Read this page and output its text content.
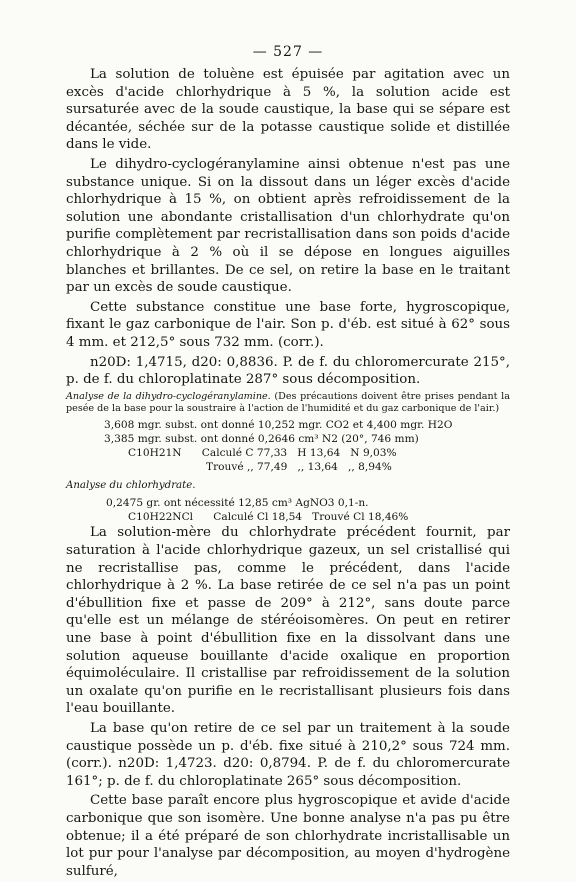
— 527 —

La solution de toluène est épuisée par agitation avec un excès d'acide chlorhydrique à 5 %, la solution acide est sursaturée avec de la soude caustique, la base qui se sépare est décantée, séchée sur de la potasse caustique solide et distillée dans le vide.

Le dihydro-cyclogéranylamine ainsi obtenue n'est pas une substance unique. Si on la dissout dans un léger excès d'acide chlorhydrique à 15 %, on obtient après refroidissement de la solution une abondante cristallisation d'un chlorhydrate qu'on purifie complètement par recristallisation dans son poids d'acide chlorhydrique à 2 % où il se dépose en longues aiguilles blanches et brillantes. De ce sel, on retire la base en le traitant par un excès de soude caustique.

Cette substance constitue une base forte, hygroscopique, fixant le gaz carbonique de l'air. Son p. d'éb. est situé à 62° sous 4 mm. et 212,5° sous 732 mm. (corr.).

n20D: 1,4715, d20: 0,8836. P. de f. du chloromercurate 215°, p. de f. du chloroplatinate 287° sous décomposition.

Analyse de la dihydro-cyclogéranylamine. (Des précautions doivent être prises pendant la pesée de la base pour la soustraire à l'action de l'humidité et du gaz carbonique de l'air.)
3,608 mgr. subst. ont donné 10,252 mgr. CO2 et 4,400 mgr. H2O
3,385 mgr. subst. ont donné 0,2646 cm³ N2 (20°, 746 mm)
C10H21N      Calculé C 77,33   H 13,64   N 9,03%
Trouvé ,, 77,49   ,, 13,64   ,, 8,94%
Analyse du chlorhydrate.
0,2475 gr. ont nécessité 12,85 cm³ AgNO3 0,1-n.
C10H22NCl      Calculé Cl 18,54   Trouvé Cl 18,46%

La solution-mère du chlorhydrate précédent fournit, par saturation à l'acide chlorhydrique gazeux, un sel cristallisé qui ne recristallise pas, comme le précédent, dans l'acide chlorhydrique à 2 %. La base retirée de ce sel n'a pas un point d'ébullition fixe et passe de 209° à 212°, sans doute parce qu'elle est un mélange de stéréoisomères. On peut en retirer une base à point d'ébullition fixe en la dissolvant dans une solution aqueuse bouillante d'acide oxalique en proportion équimoléculaire. Il cristallise par refroidissement de la solution un oxalate qu'on purifie en le recristallisant plusieurs fois dans l'eau bouillante.

La base qu'on retire de ce sel par un traitement à la soude caustique possède un p. d'éb. fixe situé à 210,2° sous 724 mm. (corr.). n20D: 1,4723. d20: 0,8794. P. de f. du chloromercurate 161°; p. de f. du chloroplatinate 265° sous décomposition.

Cette base paraît encore plus hygroscopique et avide d'acide carbonique que son isomère. Une bonne analyse n'a pas pu être obtenue; il a été préparé de son chlorhydrate incristallisable un lot pur pour l'analyse par décomposition, au moyen d'hydrogène sulfuré,
